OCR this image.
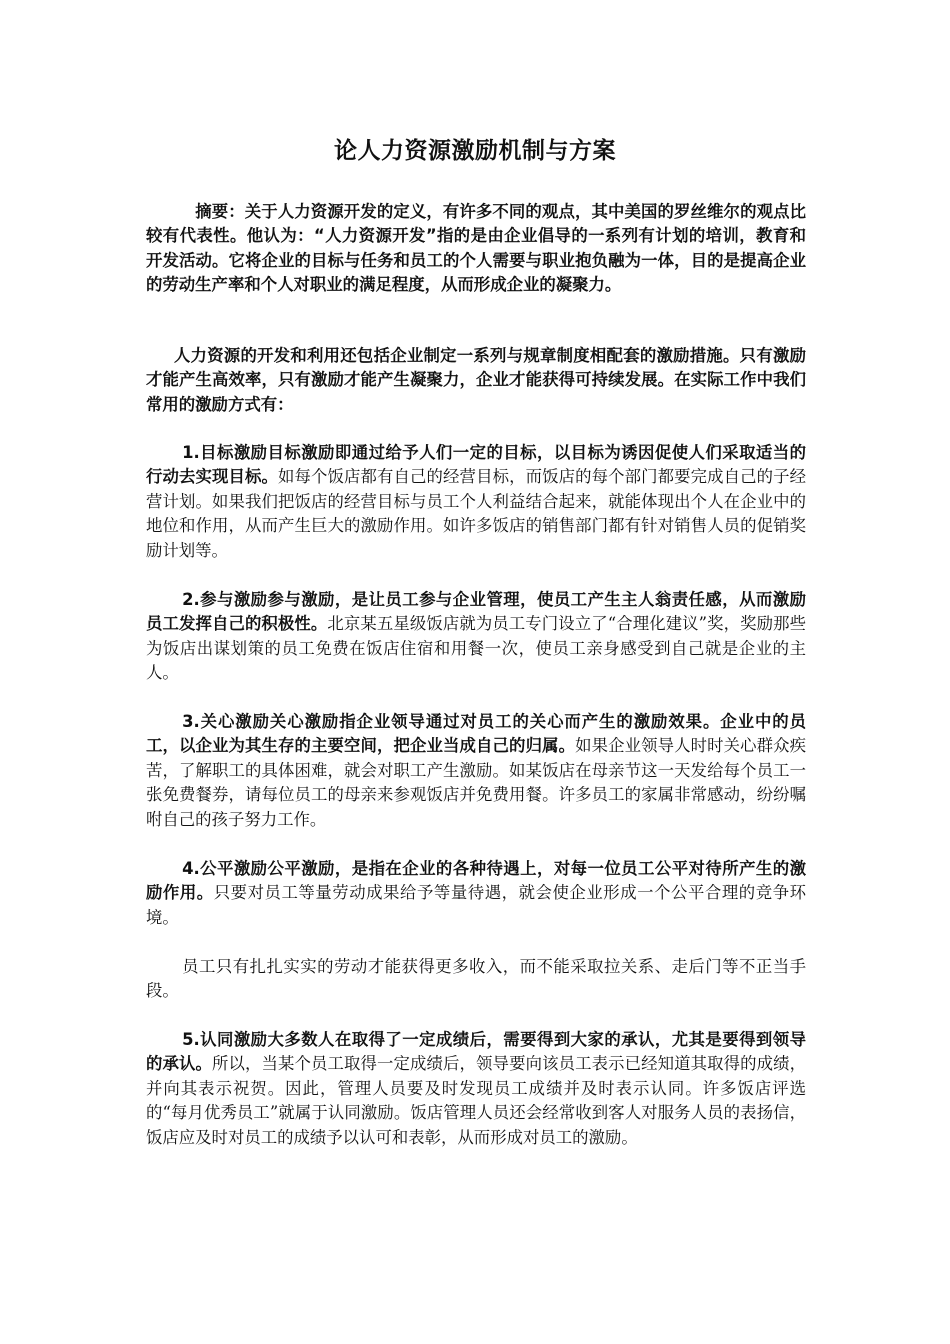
论人力资源激励机制与方案

摘要：关于人力资源开发的定义，有许多不同的观点，其中美国的罗丝维尔的观点比较有代表性。他认为：“人力资源开发”指的是由企业倡导的一系列有计划的培训，教育和开发活动。它将企业的目标与任务和员工的个人需要与职业抱负融为一体，目的是提高企业的劳动生产率和个人对职业的满足程度，从而形成企业的凝聚力。

人力资源的开发和利用还包括企业制定一系列与规章制度相配套的激励措施。只有激励才能产生高效率，只有激励才能产生凝聚力，企业才能获得可持续发展。在实际工作中我们常用的激励方式有：

1.目标激励目标激励即通过给予人们一定的目标，以目标为诱因促使人们采取适当的行动去实现目标。如每个饭店都有自己的经营目标，而饭店的每个部门都要完成自己的子经营计划。如果我们把饭店的经营目标与员工个人利益结合起来，就能体现出个人在企业中的地位和作用，从而产生巨大的激励作用。如许多饭店的销售部门都有针对销售人员的促销奖励计划等。

2.参与激励参与激励，是让员工参与企业管理，使员工产生主人翁责任感，从而激励员工发挥自己的积极性。北京某五星级饭店就为员工专门设立了“合理化建议”奖，奖励那些为饭店出谋划策的员工免费在饭店住宿和用餐一次，使员工亲身感受到自己就是企业的主人。

3.关心激励关心激励指企业领导通过对员工的关心而产生的激励效果。企业中的员工，以企业为其生存的主要空间，把企业当成自己的归属。如果企业领导人时时关心群众疾苦，了解职工的具体困难，就会对职工产生激励。如某饭店在母亲节这一天发给每个员工一张免费餐券，请每位员工的母亲来参观饭店并免费用餐。许多员工的家属非常感动，纷纷嘱咐自己的孩子努力工作。

4.公平激励公平激励，是指在企业的各种待遇上，对每一位员工公平对待所产生的激励作用。只要对员工等量劳动成果给予等量待遇，就会使企业形成一个公平合理的竞争环境。

员工只有扎扎实实的劳动才能获得更多收入，而不能采取拉关系、走后门等不正当手段。

5.认同激励大多数人在取得了一定成绩后，需要得到大家的承认，尤其是要得到领导的承认。所以，当某个员工取得一定成绩后，领导要向该员工表示已经知道其取得的成绩，并向其表示祝贺。因此，管理人员要及时发现员工成绩并及时表示认同。许多饭店评选的“每月优秀员工”就属于认同激励。饭店管理人员还会经常收到客人对服务人员的表扬信，饭店应及时对员工的成绩予以认可和表彰，从而形成对员工的激励。
